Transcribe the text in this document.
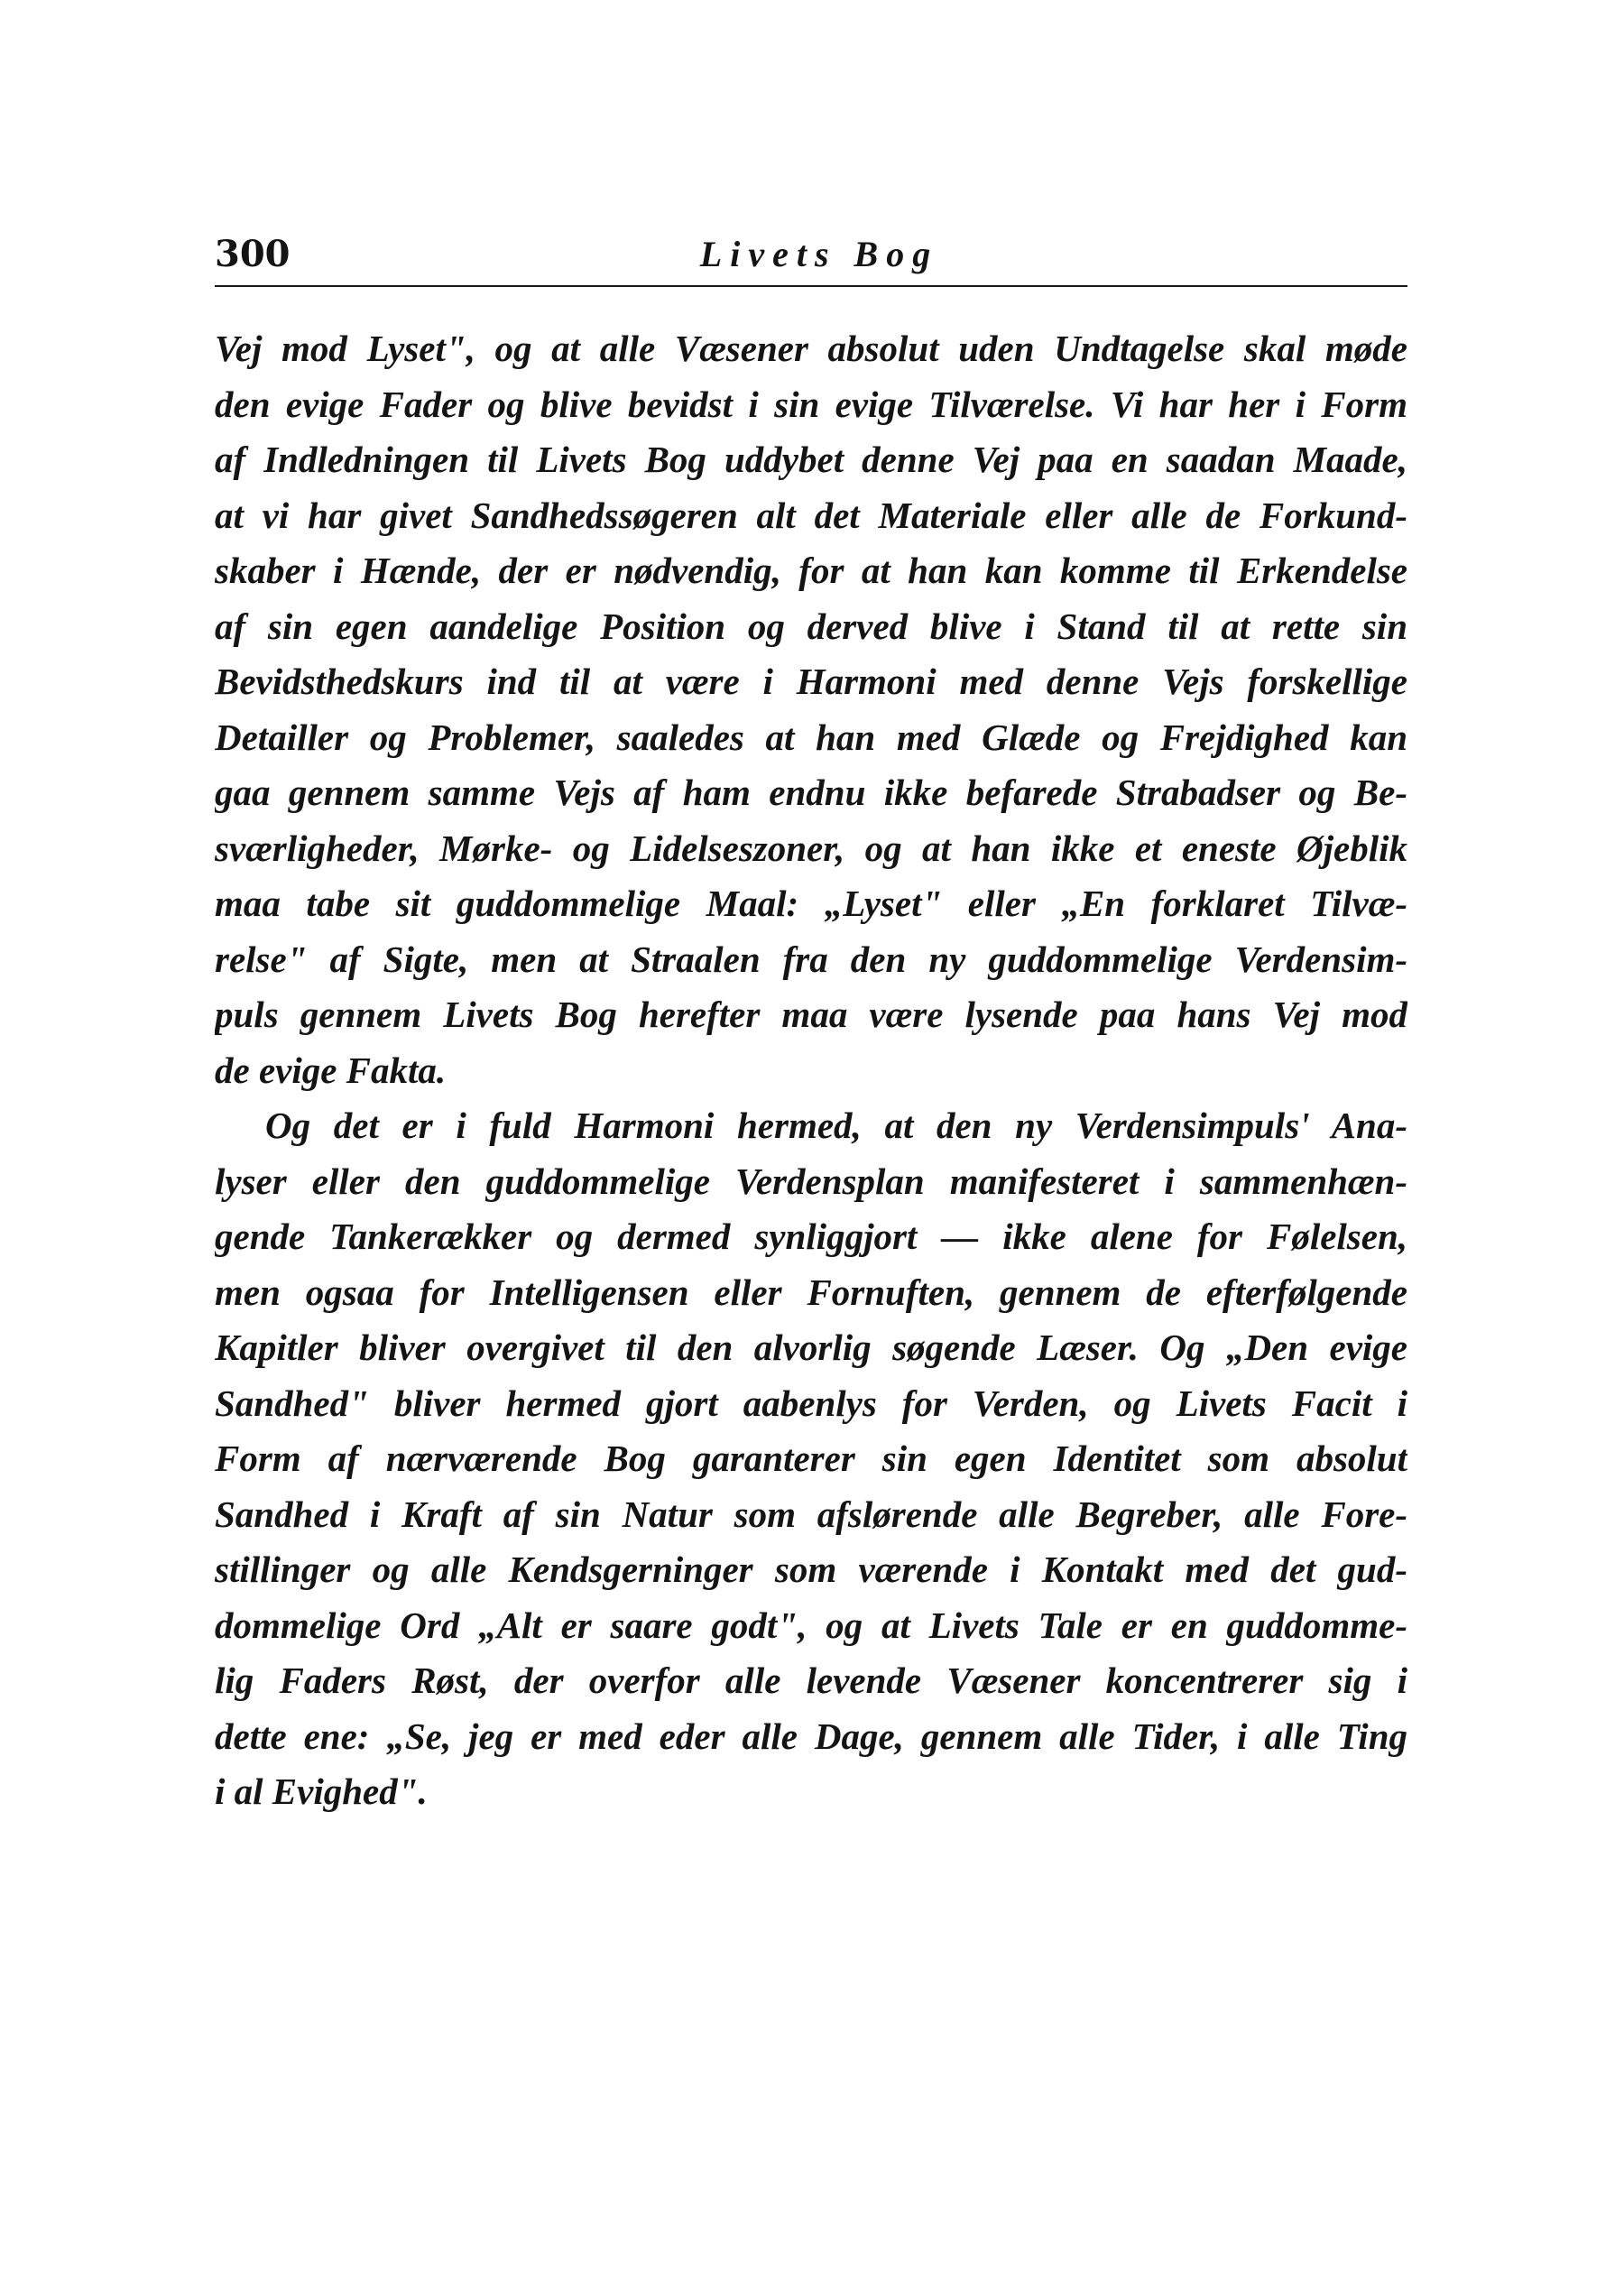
300	Livets Bog
Vej mod Lyset", og at alle Væsener absolut uden Undtagelse skal møde
den evige Fader og blive bevidst i sin evige Tilværelse. Vi har her i Form
af Indledningen til Livets Bog uddybet denne Vej paa en saadan Maade,
at vi har givet Sandhedssøgeren alt det Materiale eller alle de Forkund-
skaber i Hænde, der er nødvendig, for at han kan komme til Erkendelse
af sin egen aandelige Position og derved blive i Stand til at rette sin
Bevidsthedskurs ind til at være i Harmoni med denne Vejs forskellige
Detailler og Problemer, saaledes at han med Glæde og Frejdighed kan
gaa gennem samme Vejs af ham endnu ikke befarede Strabadser og Be-
sværligheder, Mørke- og Lidelseszoner, og at han ikke et eneste Øjeblik
maa tabe sit guddommelige Maal: „Lyset" eller „En forklaret Tilvæ-
relse" af Sigte, men at Straalen fra den ny guddommelige Verdensim-
puls gennem Livets Bog herefter maa være lysende paa hans Vej mod
de evige Fakta.
Og det er i fuld Harmoni hermed, at den ny Verdensimpuls' Ana-
lyser eller den guddommelige Verdensplan manifesteret i sammenhæn-
gende Tankerækker og dermed synliggjort — ikke alene for Følelsen,
men ogsaa for Intelligensen eller Fornuften, gennem de efterfølgende
Kapitler bliver overgivet til den alvorlig søgende Læser. Og „Den evige
Sandhed" bliver hermed gjort aabenlys for Verden, og Livets Facit i
Form af nærværende Bog garanterer sin egen Identitet som absolut
Sandhed i Kraft af sin Natur som afslørende alle Begreber, alle Fore-
stillinger og alle Kendsgerninger som værende i Kontakt med det gud-
dommelige Ord „Alt er saare godt", og at Livets Tale er en guddomme-
lig Faders Røst, der overfor alle levende Væsener koncentrerer sig i
dette ene: „Se, jeg er med eder alle Dage, gennem alle Tider, i alle Ting
i al Evighed".
